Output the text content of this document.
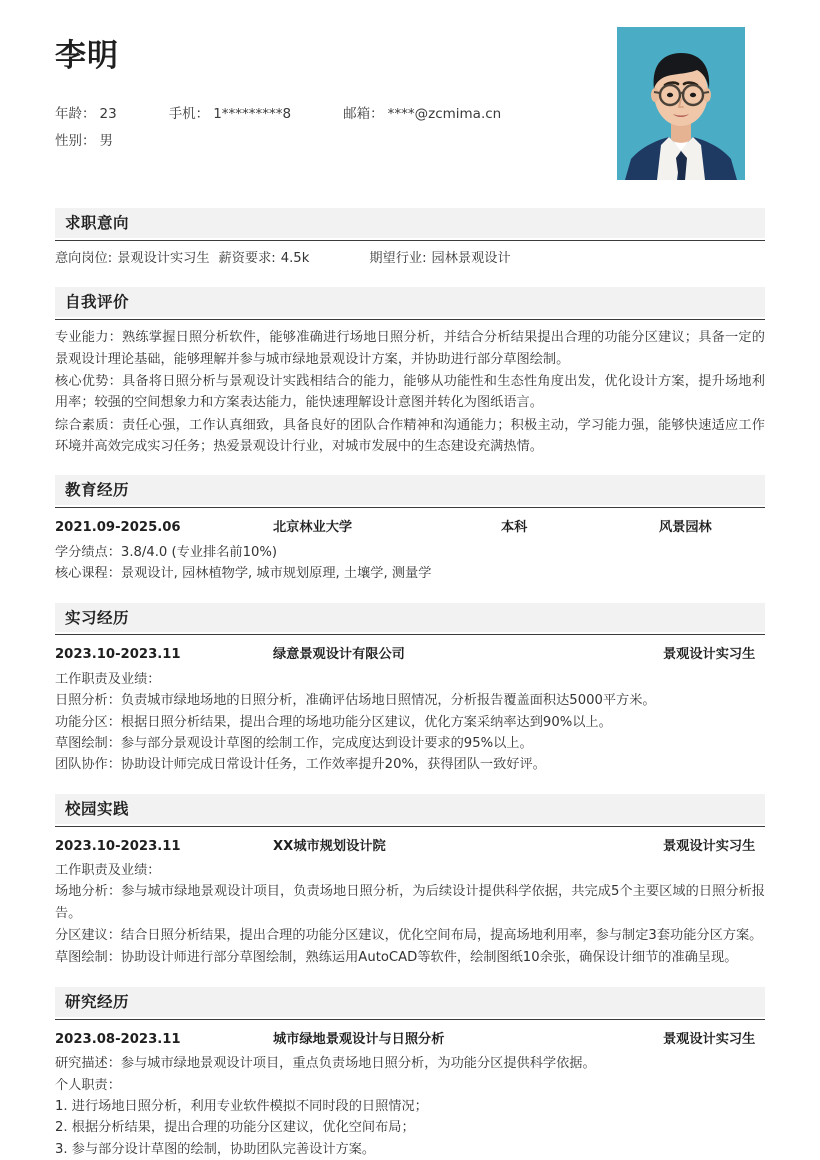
李明
年龄： 23	手机： 1*********8	邮箱： ****@zcmima.cn
性别： 男
求职意向
意向岗位: 景观设计实习生 薪资要求: 4.5k	期望行业: 园林景观设计
自我评价

专业能力：熟练掌握日照分析软件，能够准确进行场地日照分析，并结合分析结果提出合理的功能分区建议；具备一定的景观设计理论基础，能够理解并参与城市绿地景观设计方案，并协助进行部分草图绘制。

核心优势：具备将日照分析与景观设计实践相结合的能力，能够从功能性和生态性角度出发，优化设计方案，提升场地利用率；较强的空间想象力和方案表达能力，能快速理解设计意图并转化为图纸语言。

综合素质：责任心强，工作认真细致，具备良好的团队合作精神和沟通能力；积极主动，学习能力强，能够快速适应工作环境并高效完成实习任务；热爱景观设计行业，对城市发展中的生态建设充满热情。

教育经历
2021.09-2025.06	北京林业大学	本科	风景园林

学分绩点：3.8/4.0 (专业排名前10%)

核心课程：景观设计, 园林植物学, 城市规划原理, 土壤学, 测量学

实习经历
2023.10-2023.11	绿意景观设计有限公司	景观设计实习生

工作职责及业绩：

日照分析：负责城市绿地场地的日照分析，准确评估场地日照情况，分析报告覆盖面积达5000平方米。

功能分区：根据日照分析结果，提出合理的场地功能分区建议，优化方案采纳率达到90%以上。

草图绘制：参与部分景观设计草图的绘制工作，完成度达到设计要求的95%以上。

团队协作：协助设计师完成日常设计任务，工作效率提升20%，获得团队一致好评。

校园实践
2023.10-2023.11	XX城市规划设计院	景观设计实习生

工作职责及业绩：

场地分析：参与城市绿地景观设计项目，负责场地日照分析，为后续设计提供科学依据，共完成5个主要区域的日照分析报告。

分区建议：结合日照分析结果，提出合理的功能分区建议，优化空间布局，提高场地利用率，参与制定3套功能分区方案。

草图绘制：协助设计师进行部分草图绘制，熟练运用AutoCAD等软件，绘制图纸10余张，确保设计细节的准确呈现。

研究经历
2023.08-2023.11	城市绿地景观设计与日照分析	景观设计实习生

研究描述：参与城市绿地景观设计项目，重点负责场地日照分析，为功能分区提供科学依据。

个人职责：

1. 进行场地日照分析，利用专业软件模拟不同时段的日照情况；

2. 根据分析结果，提出合理的功能分区建议，优化空间布局；

3. 参与部分设计草图的绘制，协助团队完善设计方案。
